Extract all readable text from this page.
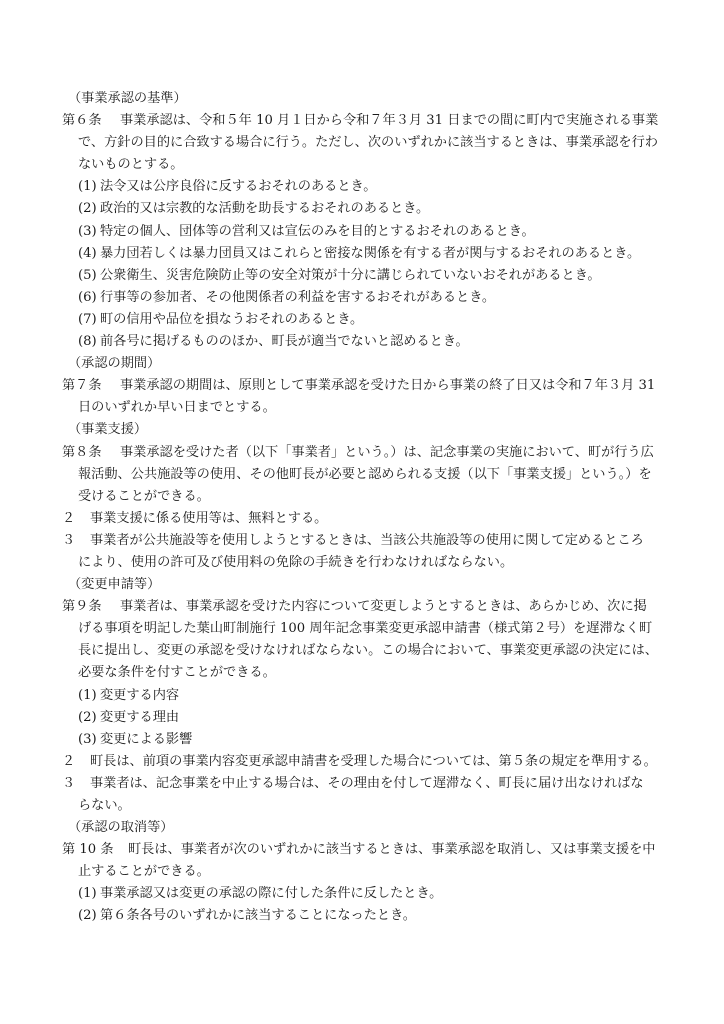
（事業承認の基準）
第６条 事業承認は、令和５年 10 月１日から令和７年３月 31 日までの間に町内で実施される事業
で、方針の目的に合致する場合に行う。ただし、次のいずれかに該当するときは、事業承認を行わ
ないものとする。
(1) 法令又は公序良俗に反するおそれのあるとき。
(2) 政治的又は宗教的な活動を助長するおそれのあるとき。
(3) 特定の個人、団体等の営利又は宣伝のみを目的とするおそれのあるとき。
(4) 暴力団若しくは暴力団員又はこれらと密接な関係を有する者が関与するおそれのあるとき。
(5) 公衆衛生、災害危険防止等の安全対策が十分に講じられていないおそれがあるとき。
(6) 行事等の参加者、その他関係者の利益を害するおそれがあるとき。
(7) 町の信用や品位を損なうおそれのあるとき。
(8) 前各号に掲げるもののほか、町長が適当でないと認めるとき。
（承認の期間）
第７条 事業承認の期間は、原則として事業承認を受けた日から事業の終了日又は令和７年３月 31
日のいずれか早い日までとする。
（事業支援）
第８条 事業承認を受けた者（以下「事業者」という。）は、記念事業の実施において、町が行う広
報活動、公共施設等の使用、その他町長が必要と認められる支援（以下「事業支援」という。）を
受けることができる。
２ 事業支援に係る使用等は、無料とする。
３ 事業者が公共施設等を使用しようとするときは、当該公共施設等の使用に関して定めるところ
により、使用の許可及び使用料の免除の手続きを行わなければならない。
（変更申請等）
第９条 事業者は、事業承認を受けた内容について変更しようとするときは、あらかじめ、次に掲
げる事項を明記した葉山町制施行 100 周年記念事業変更承認申請書（様式第２号）を遅滞なく町
長に提出し、変更の承認を受けなければならない。この場合において、事業変更承認の決定には、
必要な条件を付すことができる。
(1) 変更する内容
(2) 変更する理由
(3) 変更による影響
２ 町長は、前項の事業内容変更承認申請書を受理した場合については、第５条の規定を準用する。
３ 事業者は、記念事業を中止する場合は、その理由を付して遅滞なく、町長に届け出なければな
らない。
（承認の取消等）
第 10 条 町長は、事業者が次のいずれかに該当するときは、事業承認を取消し、又は事業支援を中
止することができる。
(1) 事業承認又は変更の承認の際に付した条件に反したとき。
(2) 第６条各号のいずれかに該当することになったとき。
